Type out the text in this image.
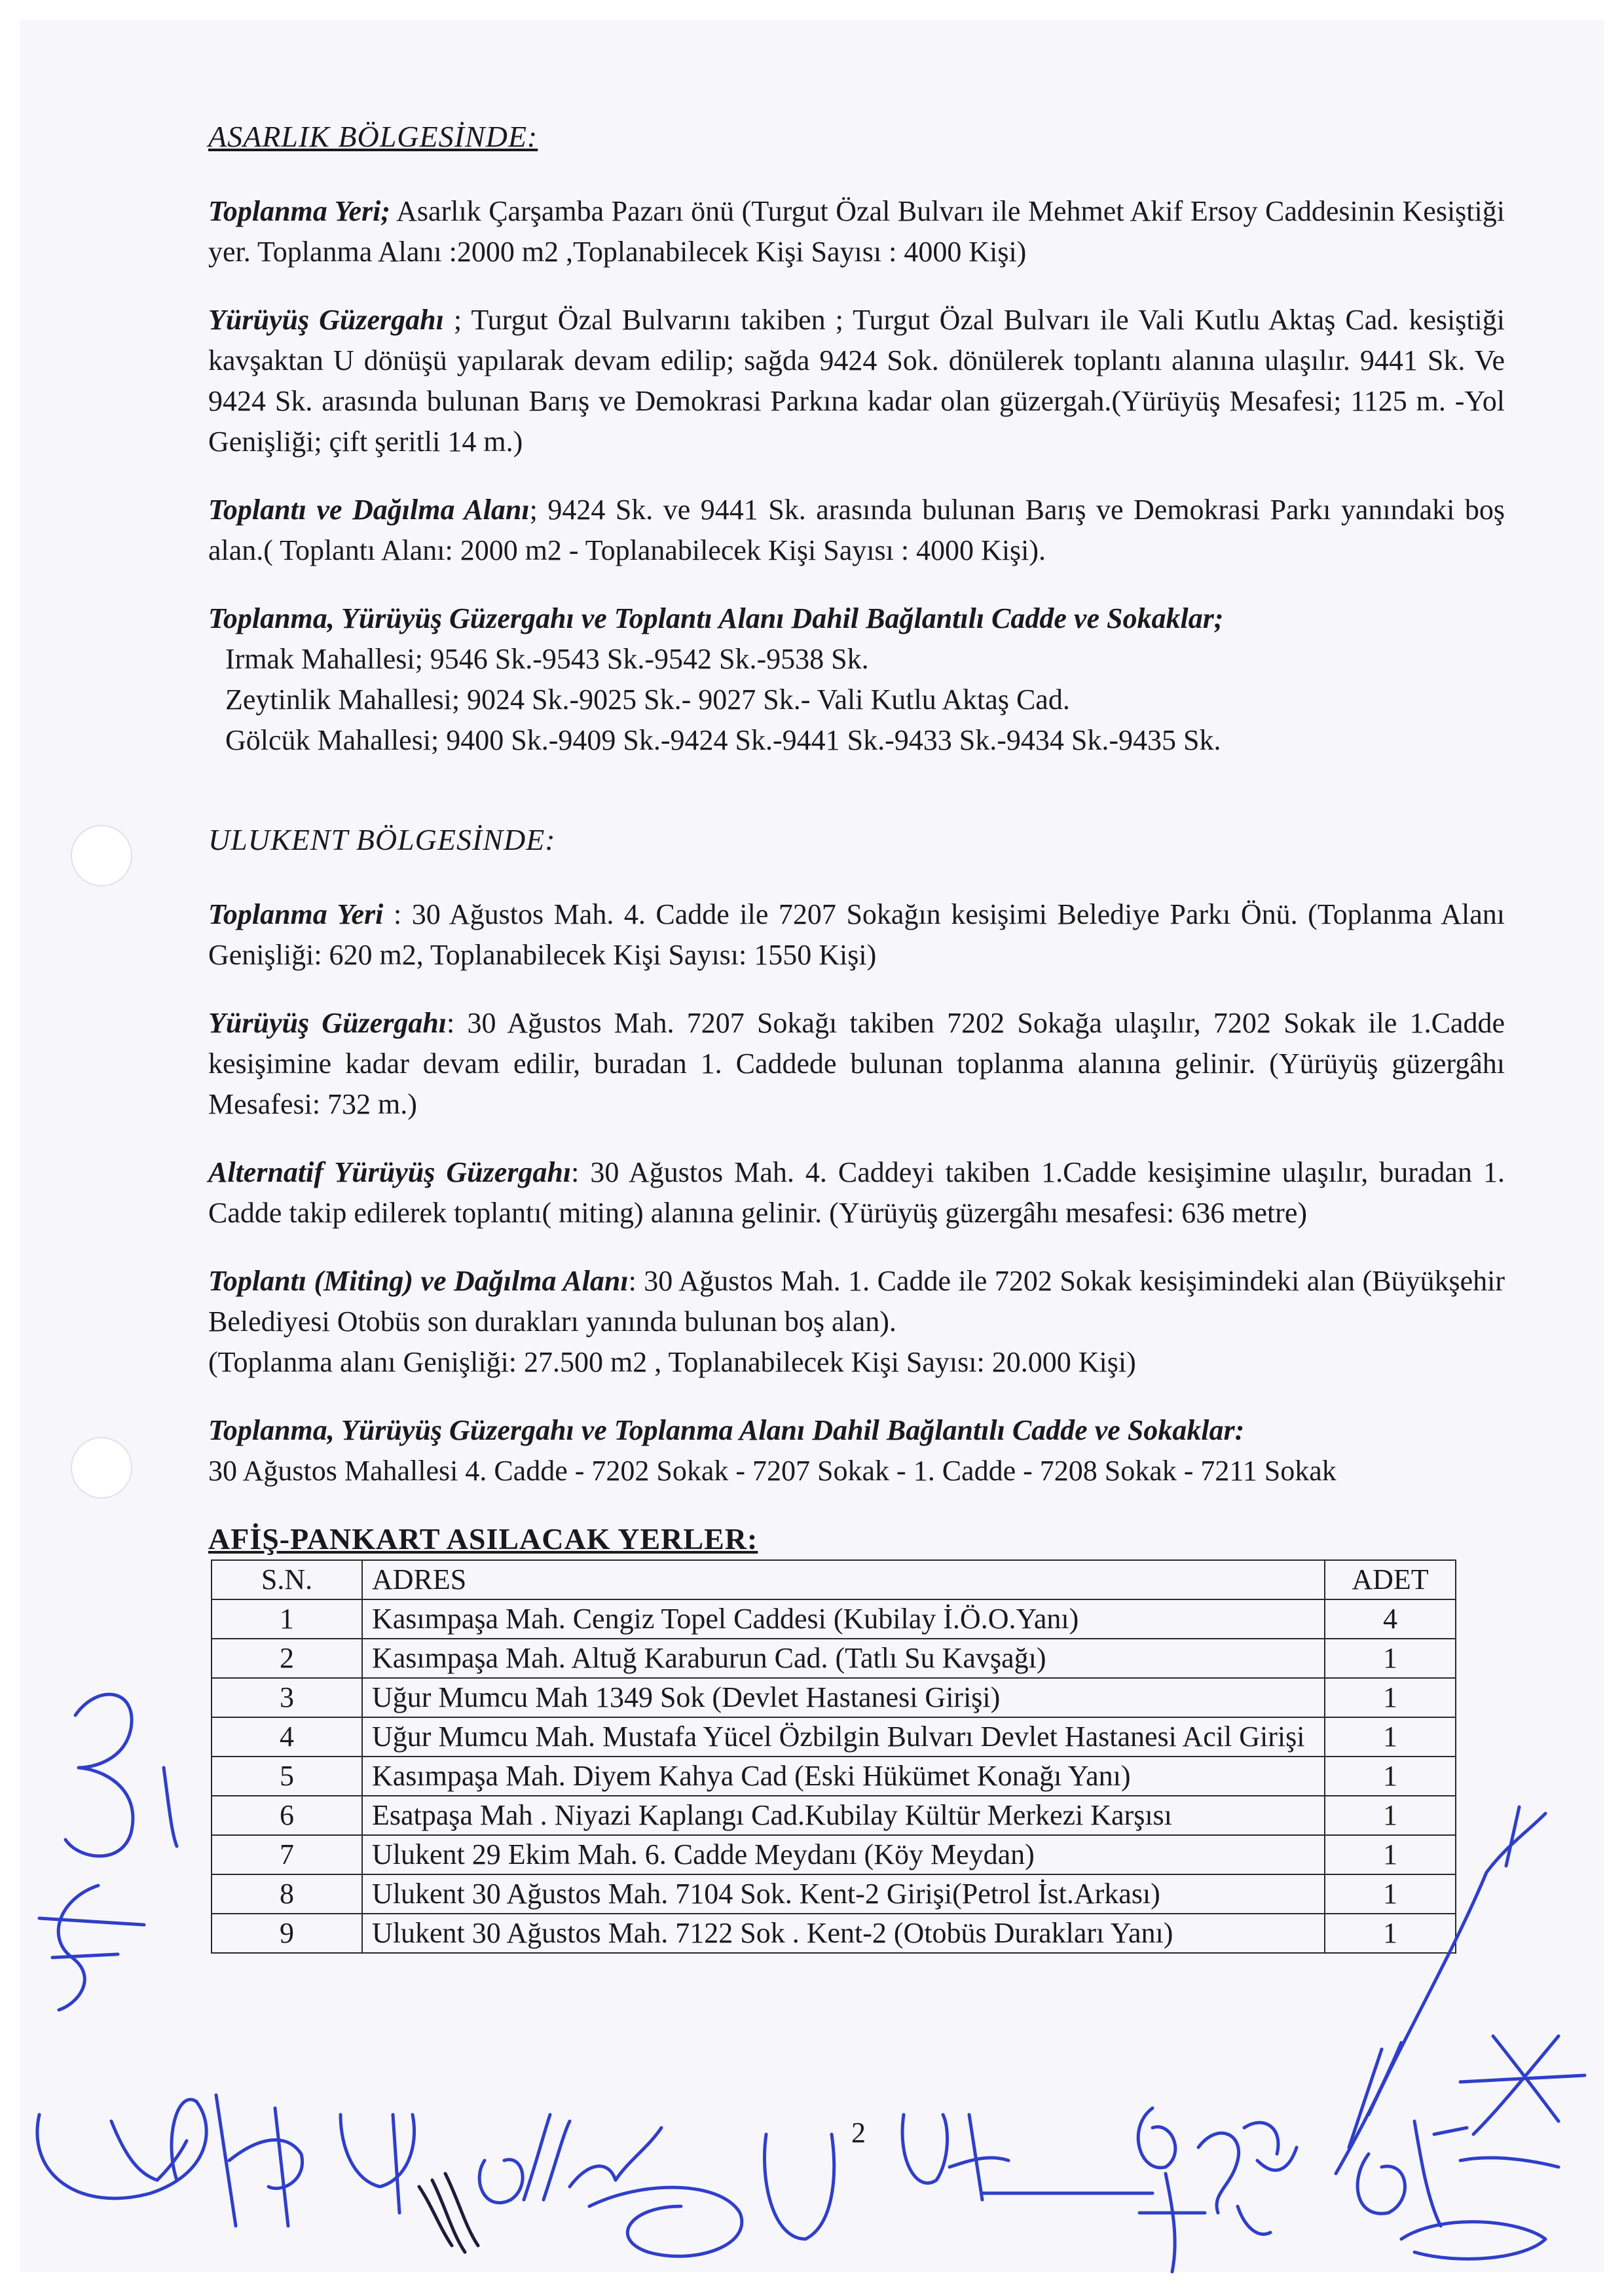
ASARLIK BÖLGESİNDE:

Toplanma Yeri; Asarlık Çarşamba Pazarı önü (Turgut Özal Bulvarı ile Mehmet Akif Ersoy Caddesinin Kesiştiği yer. Toplanma Alanı :2000 m2 ,Toplanabilecek Kişi Sayısı : 4000 Kişi)

Yürüyüş Güzergahı ; Turgut Özal Bulvarını takiben ; Turgut Özal Bulvarı ile Vali Kutlu Aktaş Cad. kesiştiği kavşaktan U dönüşü yapılarak devam edilip; sağda 9424 Sok. dönülerek toplantı alanına ulaşılır. 9441 Sk. Ve 9424 Sk. arasında bulunan Barış ve Demokrasi Parkına kadar olan güzergah.(Yürüyüş Mesafesi; 1125 m. -Yol Genişliği; çift şeritli 14 m.)

Toplantı ve Dağılma Alanı; 9424 Sk. ve 9441 Sk. arasında bulunan Barış ve Demokrasi Parkı yanındaki boş alan.( Toplantı Alanı: 2000 m2 - Toplanabilecek Kişi Sayısı : 4000 Kişi).

Toplanma, Yürüyüş Güzergahı ve Toplantı Alanı Dahil Bağlantılı Cadde ve Sokaklar;
Irmak Mahallesi; 9546 Sk.-9543 Sk.-9542 Sk.-9538 Sk.
Zeytinlik Mahallesi; 9024 Sk.-9025 Sk.- 9027 Sk.- Vali Kutlu Aktaş Cad.
Gölcük Mahallesi; 9400 Sk.-9409 Sk.-9424 Sk.-9441 Sk.-9433 Sk.-9434 Sk.-9435 Sk.
ULUKENT BÖLGESİNDE:

Toplanma Yeri : 30 Ağustos Mah. 4. Cadde ile 7207 Sokağın kesişimi Belediye Parkı Önü. (Toplanma Alanı Genişliği: 620 m2, Toplanabilecek Kişi Sayısı: 1550 Kişi)

Yürüyüş Güzergahı: 30 Ağustos Mah. 7207 Sokağı takiben 7202 Sokağa ulaşılır, 7202 Sokak ile 1.Cadde kesişimine kadar devam edilir, buradan 1. Caddede bulunan toplanma alanına gelinir. (Yürüyüş güzergâhı Mesafesi: 732 m.)

Alternatif Yürüyüş Güzergahı: 30 Ağustos Mah. 4. Caddeyi takiben 1.Cadde kesişimine ulaşılır, buradan 1. Cadde takip edilerek toplantı( miting) alanına gelinir. (Yürüyüş güzergâhı mesafesi: 636 metre)

Toplantı (Miting) ve Dağılma Alanı: 30 Ağustos Mah. 1. Cadde ile 7202 Sokak kesişimindeki alan (Büyükşehir Belediyesi Otobüs son durakları yanında bulunan boş alan).
(Toplanma alanı Genişliği: 27.500 m2 , Toplanabilecek Kişi Sayısı: 20.000 Kişi)
Toplanma, Yürüyüş Güzergahı ve Toplanma Alanı Dahil Bağlantılı Cadde ve Sokaklar:
30 Ağustos Mahallesi 4. Cadde - 7202 Sokak - 7207 Sokak - 1. Cadde - 7208 Sokak - 7211 Sokak
AFİŞ-PANKART ASILACAK YERLER:
S.N.	ADRES	ADET
1	Kasımpaşa Mah. Cengiz Topel Caddesi (Kubilay İ.Ö.O.Yanı)	4
2	Kasımpaşa Mah. Altuğ Karaburun Cad. (Tatlı Su Kavşağı)	1
3	Uğur Mumcu Mah 1349 Sok (Devlet Hastanesi Girişi)	1
4	Uğur Mumcu Mah. Mustafa Yücel Özbilgin Bulvarı Devlet Hastanesi Acil Girişi	1
5	Kasımpaşa Mah. Diyem Kahya Cad (Eski Hükümet Konağı Yanı)	1
6	Esatpaşa Mah . Niyazi Kaplangı Cad.Kubilay Kültür Merkezi Karşısı	1
7	Ulukent 29 Ekim Mah. 6. Cadde Meydanı (Köy Meydan)	1
8	Ulukent 30 Ağustos Mah. 7104 Sok. Kent-2 Girişi(Petrol İst.Arkası)	1
9	Ulukent 30 Ağustos Mah. 7122 Sok . Kent-2 (Otobüs Durakları Yanı)	1
2
